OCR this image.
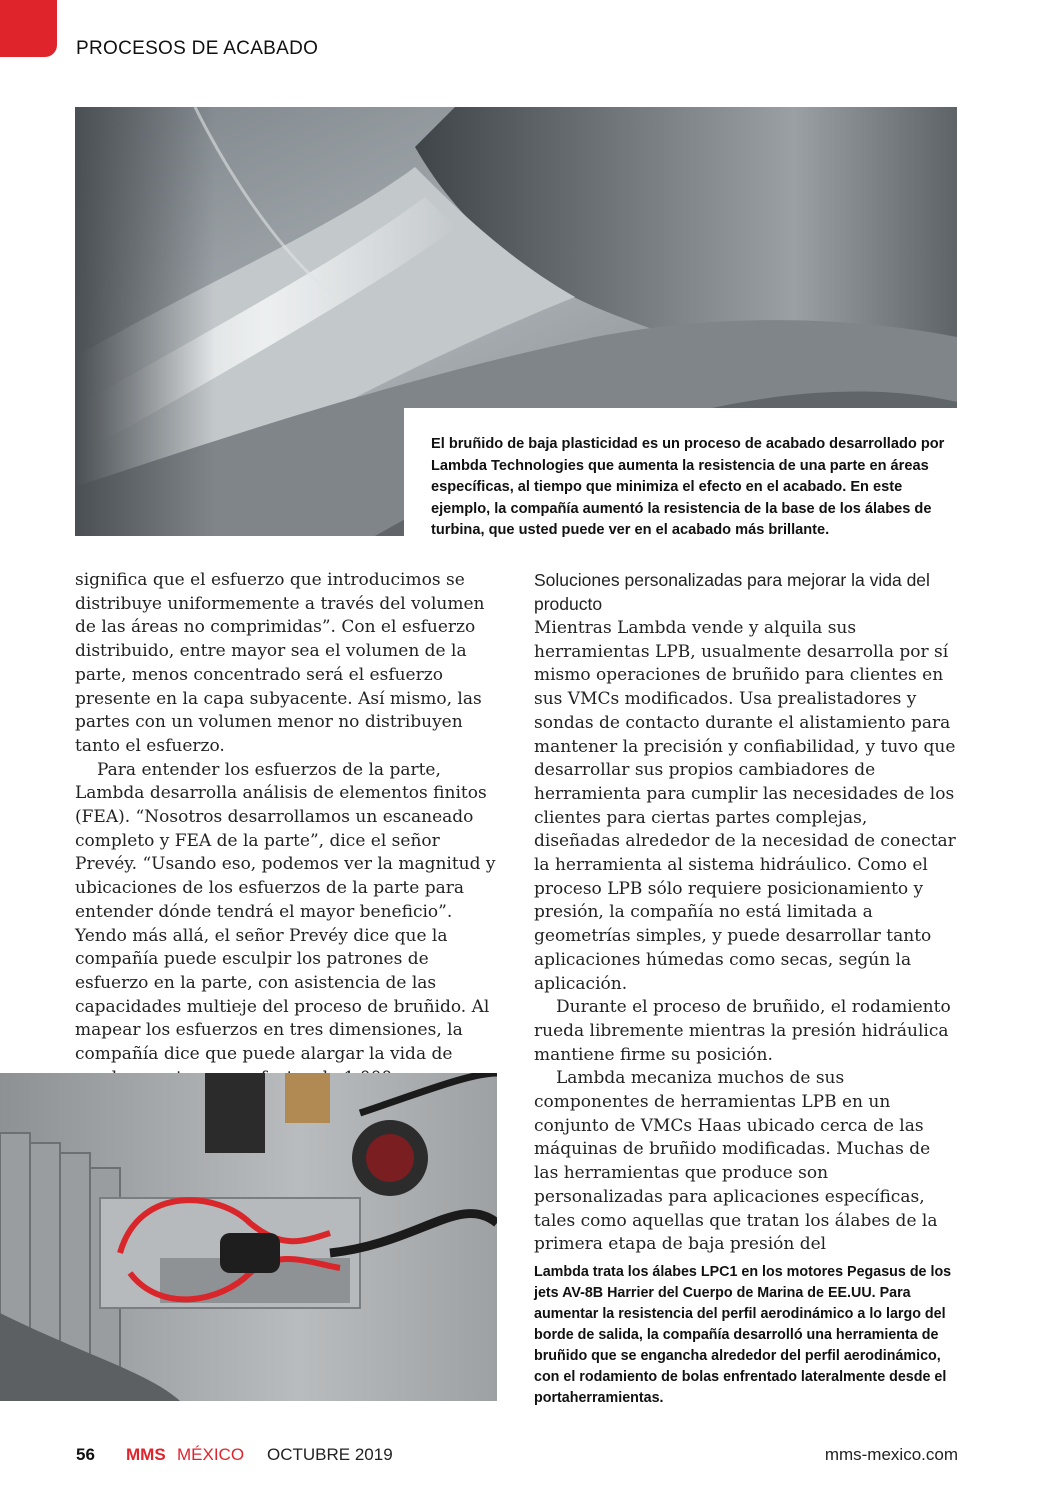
PROCESOS DE ACABADO
El bruñido de baja plasticidad es un proceso de acabado desarrollado por Lambda Technologies que aumenta la resistencia de una parte en áreas específicas, al tiempo que minimiza el efecto en el acabado. En este ejemplo, la compañía aumentó la resistencia de la base de los álabes de turbina, que usted puede ver en el acabado más brillante.

significa que el esfuerzo que introducimos se distribuye uniformemente a través del volumen de las áreas no comprimidas”. Con el esfuerzo distribuido, entre mayor sea el volumen de la parte, menos concentrado será el esfuerzo presente en la capa subyacente. Así mismo, las partes con un volumen menor no distribuyen tanto el esfuerzo.

Para entender los esfuerzos de la parte, Lambda desarrolla análisis de elementos finitos (FEA). “Nosotros desarrollamos un escaneado completo y FEA de la parte”, dice el señor Prevéy. “Usando eso, podemos ver la magnitud y ubicaciones de los esfuerzos de la parte para entender dónde tendrá el mayor beneficio”. Yendo más allá, el señor Prevéy dice que la compañía puede esculpir los patrones de esfuerzo en la parte, con asistencia de las capacidades multieje del proceso de bruñido. Al mapear los esfuerzos en tres dimensiones, la compañía dice que puede alargar la vida de

Soluciones personalizadas para mejorar la vida del producto

Mientras Lambda vende y alquila sus herramientas LPB, usualmente desarrolla por sí mismo operaciones de bruñido para clientes en sus VMCs modificados. Usa prealistadores y sondas de contacto durante el alistamiento para mantener la precisión y confiabilidad, y tuvo que desarrollar sus propios cambiadores de herramienta para cumplir las necesidades de los clientes para ciertas partes complejas, diseñadas alrededor de la necesidad de conectar la herramienta al sistema hidráulico. Como el proceso LPB sólo requiere posicionamiento y presión, la compañía no está limitada a geometrías simples, y puede desarrollar tanto aplicaciones húmedas como secas, según la aplicación.

Durante el proceso de bruñido, el rodamiento rueda libremente mientras la presión hidráulica mantiene firme su posición.

Lambda mecaniza muchos de sus componentes de herramientas LPB en un conjunto de VMCs Haas ubicado cerca de las máquinas de bruñido modificadas. Muchas de las herramientas que produce son personalizadas para aplicaciones específicas, tales como aquellas que tratan los álabes de la primera etapa de baja presión del

Lambda trata los álabes LPC1 en los motores Pegasus de los jets AV-8B Harrier del Cuerpo de Marina de EE.UU. Para aumentar la resistencia del perfil aerodinámico a lo largo del borde de salida, la compañía desarrolló una herramienta de bruñido que se engancha alrededor del perfil aerodinámico, con el rodamiento de bolas enfrentado lateralmente desde el portaherramientas.
56 MMS MÉXICO OCTUBRE 2019	mms-mexico.com
